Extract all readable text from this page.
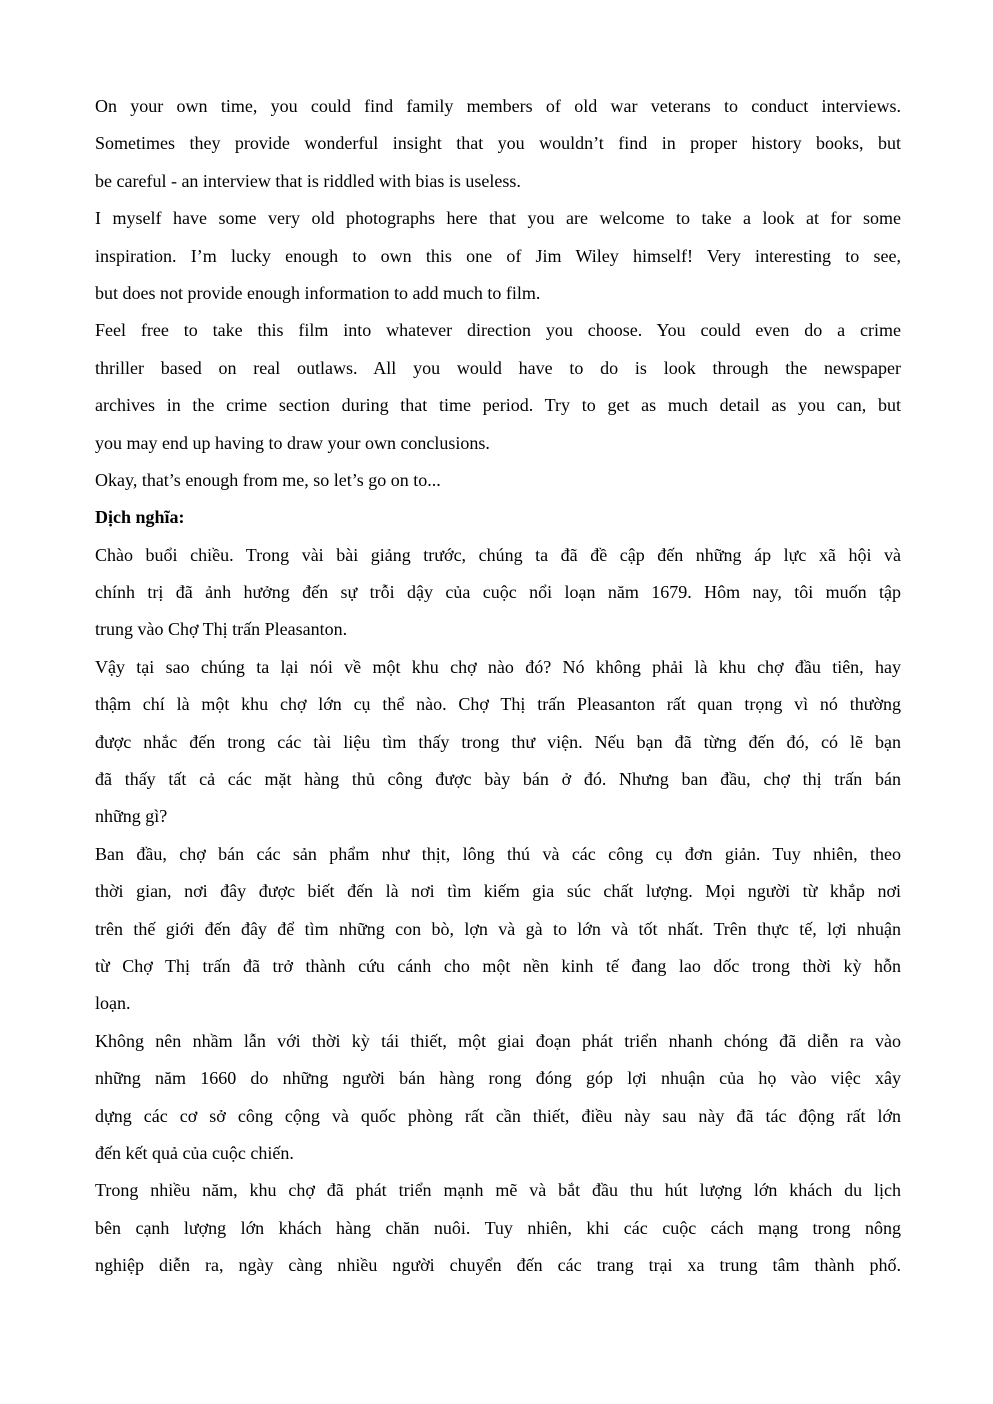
On your own time, you could find family members of old war veterans to conduct interviews.
Sometimes they provide wonderful insight that you wouldn’t find in proper history books, but
be careful - an interview that is riddled with bias is useless.
I myself have some very old photographs here that you are welcome to take a look at for some
inspiration. I’m lucky enough to own this one of Jim Wiley himself! Very interesting to see,
but does not provide enough information to add much to film.
Feel free to take this film into whatever direction you choose. You could even do a crime
thriller based on real outlaws. All you would have to do is look through the newspaper
archives in the crime section during that time period. Try to get as much detail as you can, but
you may end up having to draw your own conclusions.
Okay, that’s enough from me, so let’s go on to...
Dịch nghĩa:
Chào buổi chiều. Trong vài bài giảng trước, chúng ta đã đề cập đến những áp lực xã hội và
chính trị đã ảnh hưởng đến sự trỗi dậy của cuộc nổi loạn năm 1679. Hôm nay, tôi muốn tập
trung vào Chợ Thị trấn Pleasanton.
Vậy tại sao chúng ta lại nói về một khu chợ nào đó? Nó không phải là khu chợ đầu tiên, hay
thậm chí là một khu chợ lớn cụ thể nào. Chợ Thị trấn Pleasanton rất quan trọng vì nó thường
được nhắc đến trong các tài liệu tìm thấy trong thư viện. Nếu bạn đã từng đến đó, có lẽ bạn
đã thấy tất cả các mặt hàng thủ công được bày bán ở đó. Nhưng ban đầu, chợ thị trấn bán
những gì?
Ban đầu, chợ bán các sản phẩm như thịt, lông thú và các công cụ đơn giản. Tuy nhiên, theo
thời gian, nơi đây được biết đến là nơi tìm kiếm gia súc chất lượng. Mọi người từ khắp nơi
trên thế giới đến đây để tìm những con bò, lợn và gà to lớn và tốt nhất. Trên thực tế, lợi nhuận
từ Chợ Thị trấn đã trở thành cứu cánh cho một nền kinh tế đang lao dốc trong thời kỳ hỗn
loạn.
Không nên nhầm lẫn với thời kỳ tái thiết, một giai đoạn phát triển nhanh chóng đã diễn ra vào
những năm 1660 do những người bán hàng rong đóng góp lợi nhuận của họ vào việc xây
dựng các cơ sở công cộng và quốc phòng rất cần thiết, điều này sau này đã tác động rất lớn
đến kết quả của cuộc chiến.
Trong nhiều năm, khu chợ đã phát triển mạnh mẽ và bắt đầu thu hút lượng lớn khách du lịch
bên cạnh lượng lớn khách hàng chăn nuôi. Tuy nhiên, khi các cuộc cách mạng trong nông
nghiệp diễn ra, ngày càng nhiều người chuyển đến các trang trại xa trung tâm thành phố.
